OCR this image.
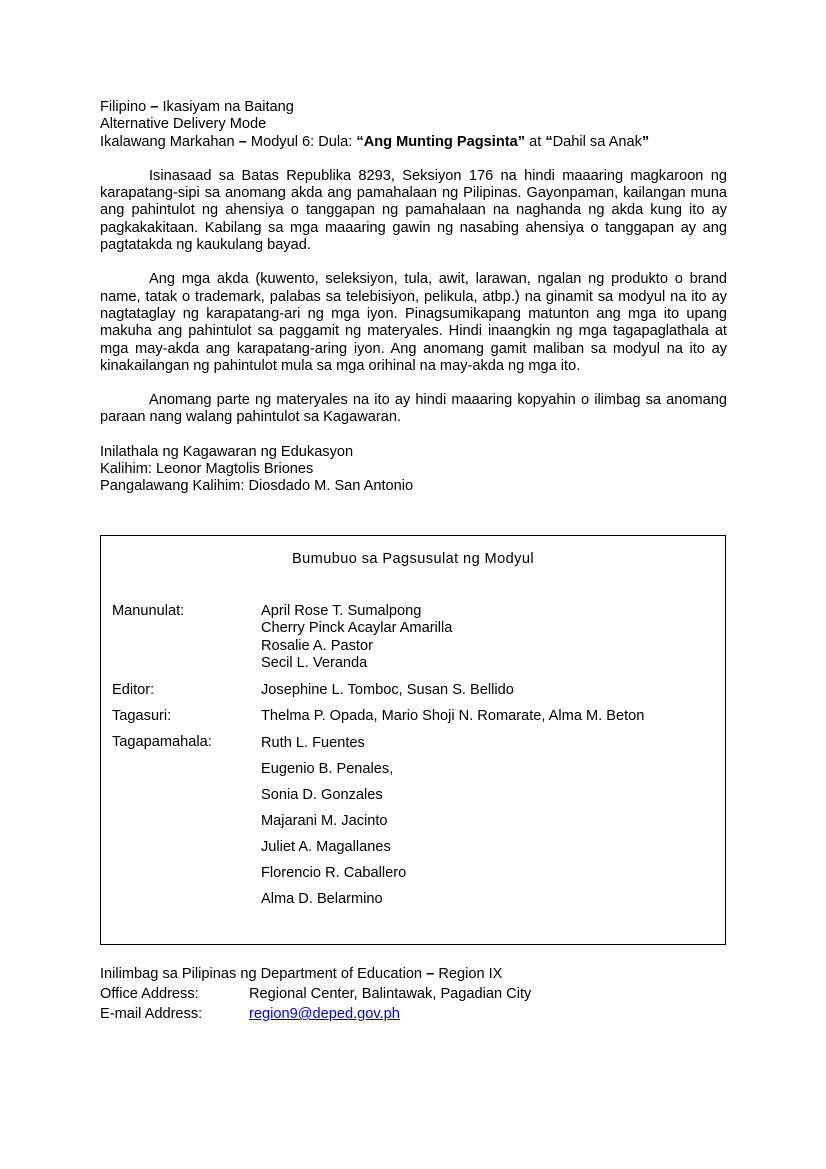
Filipino – Ikasiyam na Baitang
Alternative Delivery Mode
Ikalawang Markahan – Modyul 6: Dula: “Ang Munting Pagsinta” at “Dahil sa Anak”

Isinasaad sa Batas Republika 8293, Seksiyon 176 na hindi maaaring magkaroon ng karapatang-sipi sa anomang akda ang pamahalaan ng Pilipinas. Gayonpaman, kailangan muna ang pahintulot ng ahensiya o tanggapan ng pamahalaan na naghanda ng akda kung ito ay pagkakakitaan. Kabilang sa mga maaaring gawin ng nasabing ahensiya o tanggapan ay ang pagtatakda ng kaukulang bayad.

Ang mga akda (kuwento, seleksiyon, tula, awit, larawan, ngalan ng produkto o brand name, tatak o trademark, palabas sa telebisiyon, pelikula, atbp.) na ginamit sa modyul na ito ay nagtataglay ng karapatang-ari ng mga iyon. Pinagsumikapang matunton ang mga ito upang makuha ang pahintulot sa paggamit ng materyales. Hindi inaangkin ng mga tagapaglathala at mga may-akda ang karapatang-aring iyon. Ang anomang gamit maliban sa modyul na ito ay kinakailangan ng pahintulot mula sa mga orihinal na may-akda ng mga ito.

Anomang parte ng materyales na ito ay hindi maaaring kopyahin o ilimbag sa anomang paraan nang walang pahintulot sa Kagawaran.

Inilathala ng Kagawaran ng Edukasyon
Kalihim: Leonor Magtolis Briones
Pangalawang Kalihim: Diosdado M. San Antonio
Bumubuo sa Pagsusulat ng Modyul
Manunulat:	April Rose T. Sumalpong
Cherry Pinck Acaylar Amarilla
Rosalie A. Pastor
Secil L. Veranda
Editor:	Josephine L. Tomboc, Susan S. Bellido
Tagasuri:	Thelma P. Opada, Mario Shoji N. Romarate, Alma M. Beton
Tagapamahala:	Ruth L. Fuentes
Eugenio B. Penales,
Sonia D. Gonzales
Majarani M. Jacinto
Juliet A. Magallanes
Florencio R. Caballero
Alma D. Belarmino
Inilimbag sa Pilipinas ng Department of Education – Region IX
Office Address:	Regional Center, Balintawak, Pagadian City
E-mail Address:	region9@deped.gov.ph
